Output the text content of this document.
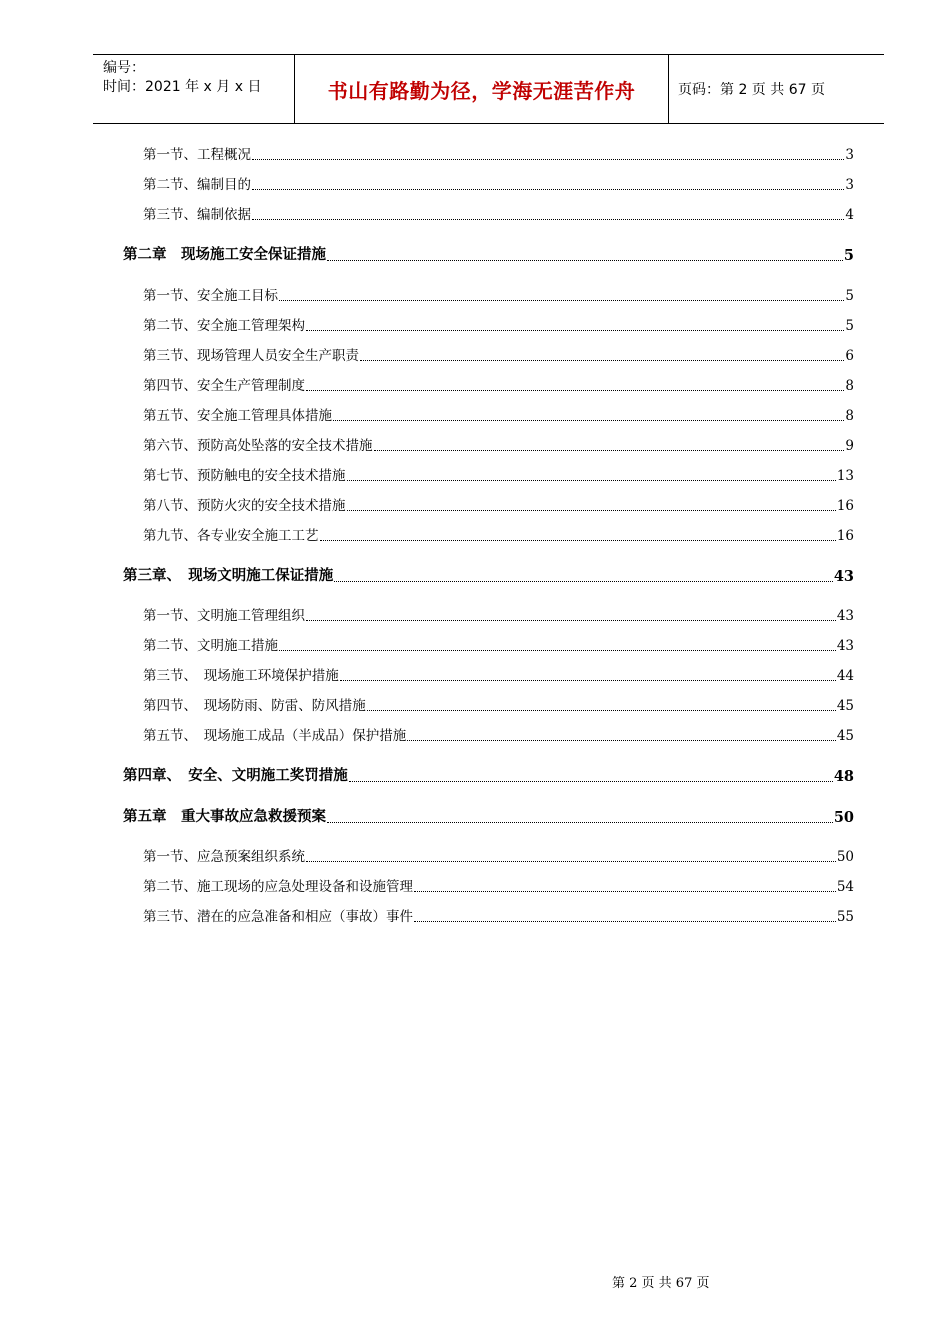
编号：
时间：2021 年 x 月 x 日	书山有路勤为径，学海无涯苦作舟	页码：第 2 页 共 67 页
第一节、工程概况	3
第二节、编制目的	3
第三节、编制依据	4
第二章　现场施工安全保证措施	5
第一节、安全施工目标	5
第二节、安全施工管理架构	5
第三节、现场管理人员安全生产职责	6
第四节、安全生产管理制度	8
第五节、安全施工管理具体措施	8
第六节、预防高处坠落的安全技术措施	9
第七节、预防触电的安全技术措施	13
第八节、预防火灾的安全技术措施	16
第九节、各专业安全施工工艺	16
第三章、　现场文明施工保证措施	43
第一节、文明施工管理组织	43
第二节、文明施工措施	43
第三节、　现场施工环境保护措施	44
第四节、　现场防雨、防雷、防风措施	45
第五节、　现场施工成品（半成品）保护措施	45
第四章、　安全、文明施工奖罚措施	48
第五章　重大事故应急救援预案	50
第一节、应急预案组织系统	50
第二节、施工现场的应急处理设备和设施管理	54
第三节、潜在的应急准备和相应（事故）事件	55
第 2 页 共 67 页
